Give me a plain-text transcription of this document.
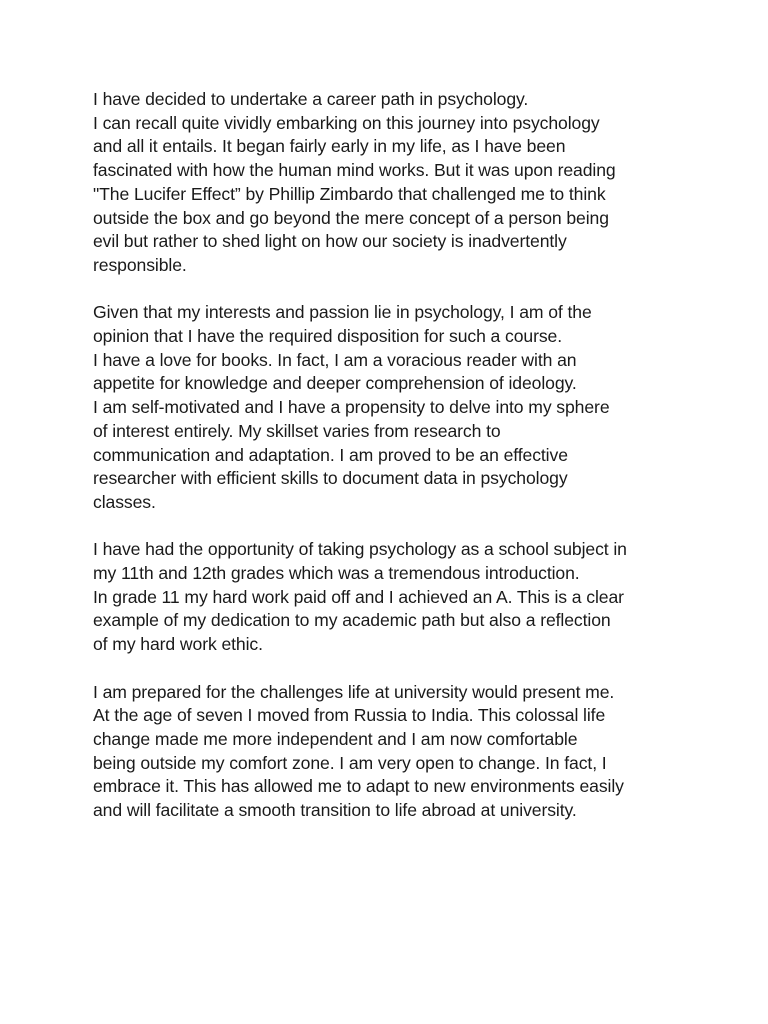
I have decided to undertake a career path in psychology.
I can recall quite vividly embarking on this journey into psychology
and all it entails. It began fairly early in my life, as I have been
fascinated with how the human mind works. But it was upon reading
"The Lucifer Effect” by Phillip Zimbardo that challenged me to think
outside the box and go beyond the mere concept of a person being
evil but rather to shed light on how our society is inadvertently
responsible.

Given that my interests and passion lie in psychology, I am of the
opinion that I have the required disposition for such a course.
I have a love for books. In fact, I am a voracious reader with an
appetite for knowledge and deeper comprehension of ideology.
I am self-motivated and I have a propensity to delve into my sphere
of interest entirely. My skillset varies from research to
communication and adaptation. I am proved to be an effective
researcher with efficient skills to document data in psychology
classes.

I have had the opportunity of taking psychology as a school subject in
my 11th and 12th grades which was a tremendous introduction.
In grade 11 my hard work paid off and I achieved an A. This is a clear
example of my dedication to my academic path but also a reflection
of my hard work ethic.

I am prepared for the challenges life at university would present me.
At the age of seven I moved from Russia to India. This colossal life
change made me more independent and I am now comfortable
being outside my comfort zone. I am very open to change. In fact, I
embrace it. This has allowed me to adapt to new environments easily
and will facilitate a smooth transition to life abroad at university.
